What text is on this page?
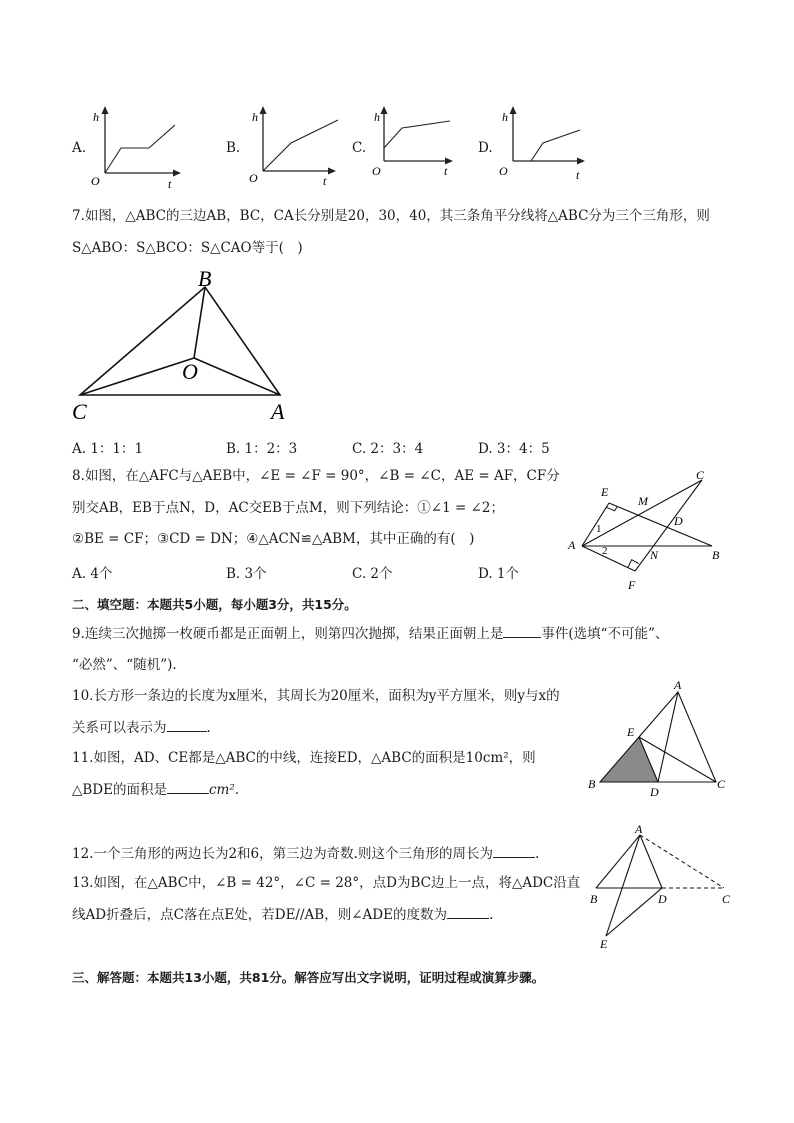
A.
h
O	t
B.
h
O	t
C.
h
O	t
D.
h
O	t
7.如图，△ABC的三边AB，BC，CA长分别是20，30，40，其三条角平分线将△ABC分为三个三角形，则
S△ABO：S△BCO：S△CAO等于(　)
B
O
C	A
A. 1：1：1	B. 1：2：3	C. 2：3：4	D. 3：4：5
8.如图，在△AFC与△AEB中，∠E = ∠F = 90°，∠B = ∠C，AE = AF，CF分
别交AB，EB于点N，D，AC交EB于点M，则下列结论：①∠1 = ∠2；
②BE = CF；③CD = DN；④△ACN≌△ABM，其中正确的有(　)
A. 4个	B. 3个	C. 2个	D. 1个
E
M
C
D
A
N	B
F
1
2
二、填空题：本题共5小题，每小题3分，共15分。
9.连续三次抛掷一枚硬币都是正面朝上，则第四次抛掷，结果正面朝上是	事件(选填“不可能”、
“必然”、“随机”).
10.长方形一条边的长度为x厘米，其周长为20厘米，面积为y平方厘米，则y与x的
关系可以表示为	.
11.如图，AD、CE都是△ABC的中线，连接ED，△ABC的面积是10cm²，则
△BDE的面积是	cm².
A
E
B
D
C
12.一个三角形的两边长为2和6，第三边为奇数.则这个三角形的周长为	.
13.如图，在△ABC中，∠B = 42°，∠C = 28°，点D为BC边上一点，将△ADC沿直
线AD折叠后，点C落在点E处，若DE//AB，则∠ADE的度数为	.
A
B	D	C
E
三、解答题：本题共13小题，共81分。解答应写出文字说明，证明过程或演算步骤。
